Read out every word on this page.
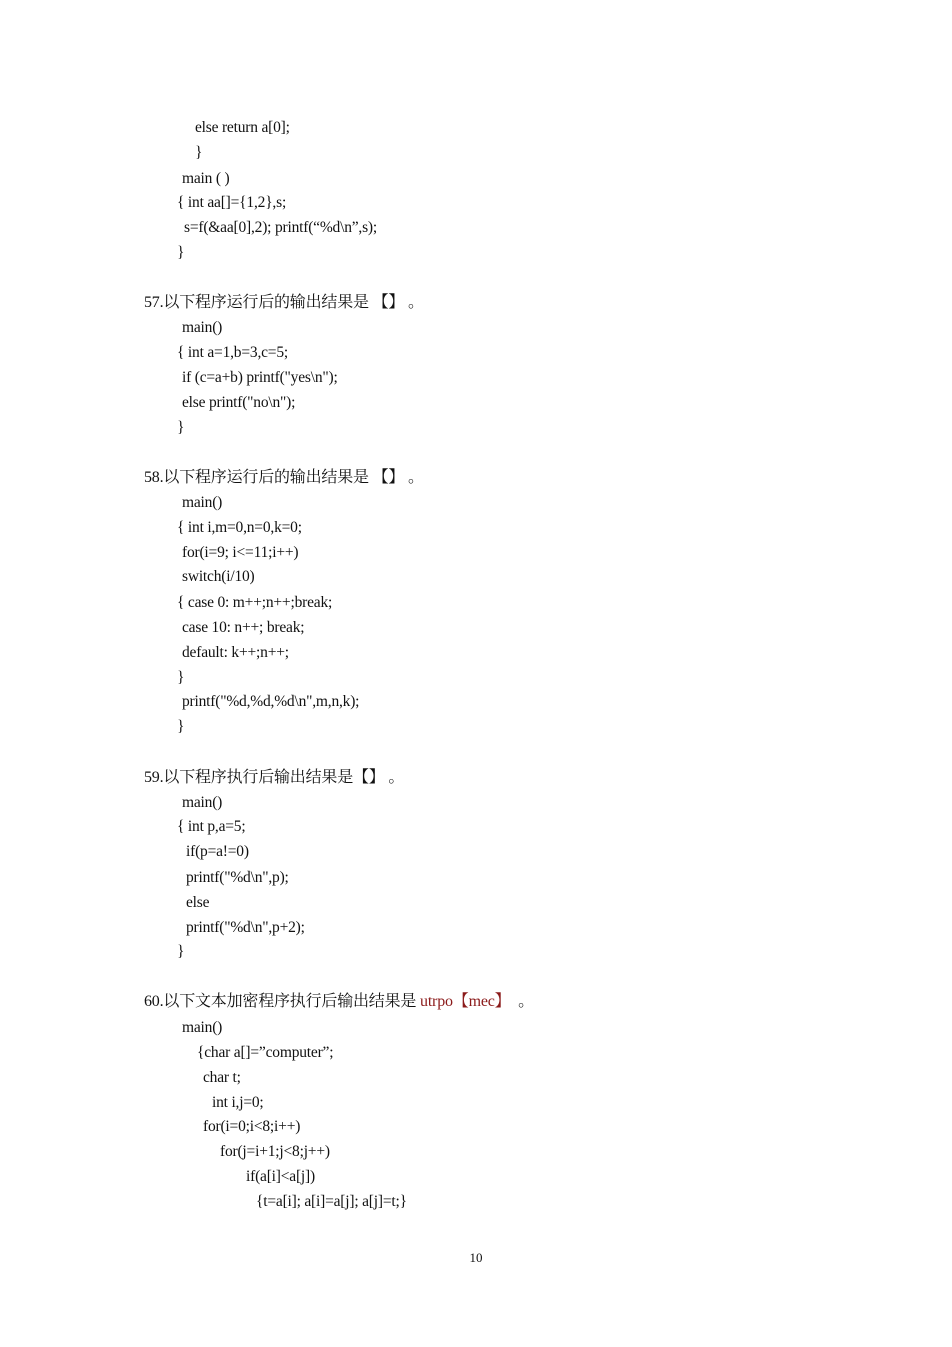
else return a[0];
}
main ( )
{ int aa[]={1,2},s;
s=f(&aa[0],2); printf(“%d\n”,s);
}
57.以下程序运行后的输出结果是 【】 。
main()
{ int a=1,b=3,c=5;
if (c=a+b) printf("yes\n");
else printf("no\n");
}
58.以下程序运行后的输出结果是 【】 。
main()
{ int i,m=0,n=0,k=0;
for(i=9; i<=11;i++)
switch(i/10)
{ case 0: m++;n++;break;
case 10: n++; break;
default: k++;n++;
}
printf("%d,%d,%d\n",m,n,k);
}
59.以下程序执行后输出结果是【】 。
main()
{ int p,a=5;
if(p=a!=0)
printf("%d\n",p);
else
printf("%d\n",p+2);
}
60.以下文本加密程序执行后输出结果是 utrpo【mec】 。
main()
{char a[]=”computer”;
char t;
int i,j=0;
for(i=0;i<8;i++)
for(j=i+1;j<8;j++)
if(a[i]<a[j])
{t=a[i]; a[i]=a[j]; a[j]=t;}
10
